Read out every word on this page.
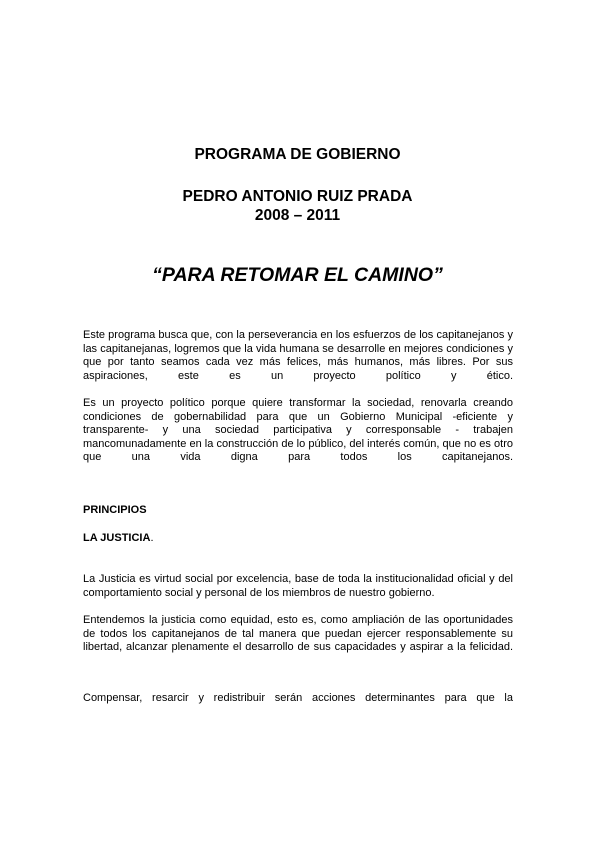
PROGRAMA DE GOBIERNO

PEDRO ANTONIO RUIZ PRADA

2008 – 2011

“PARA RETOMAR EL CAMINO”

Este programa busca que, con la perseverancia en los esfuerzos de los capitanejanos y las capitanejanas, logremos que la vida humana se desarrolle en mejores condiciones y que por tanto seamos cada vez más felices, más humanos, más libres. Por sus aspiraciones, este es un proyecto político y ético.

Es un proyecto político porque quiere transformar la sociedad, renovarla creando condiciones de gobernabilidad para que un Gobierno Municipal -eficiente y transparente- y una sociedad participativa y corresponsable - trabajen mancomunadamente en la construcción de lo público, del interés común, que no es otro que una vida digna para todos los capitanejanos.

PRINCIPIOS

LA JUSTICIA.

La Justicia es virtud social por excelencia, base de toda la institucionalidad oficial y del comportamiento social y personal de los miembros de nuestro gobierno.

Entendemos la justicia como equidad, esto es, como ampliación de las oportunidades de todos los capitanejanos de tal manera que puedan ejercer responsablemente su libertad, alcanzar plenamente el desarrollo de sus capacidades y aspirar a la felicidad.

Compensar, resarcir y redistribuir serán acciones determinantes para que la
